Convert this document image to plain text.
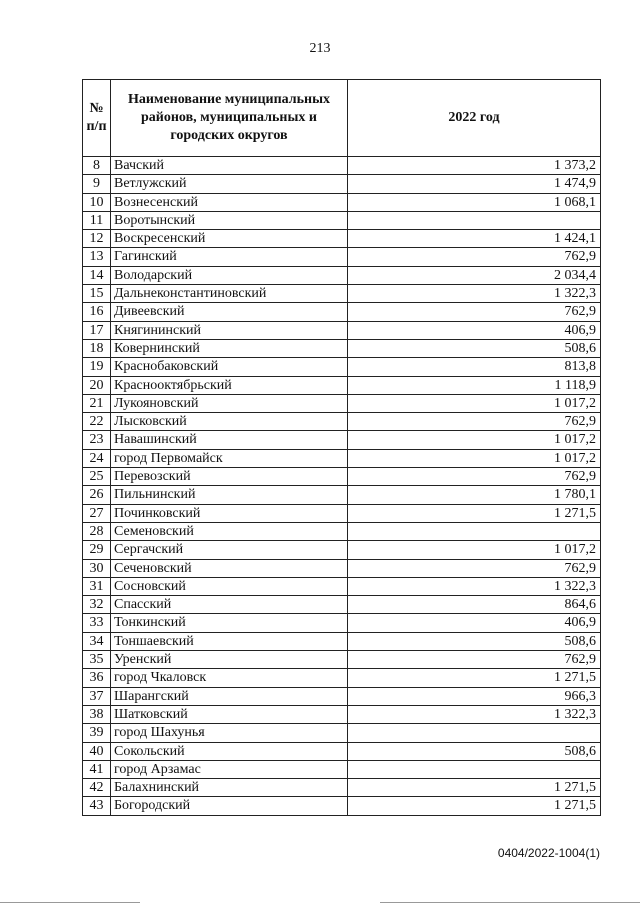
213
№ п/п	Наименование муниципальных районов, муниципальных и городских округов	2022 год
8	Вачский	1 373,2
9	Ветлужский	1 474,9
10	Вознесенский	1 068,1
11	Воротынский	
12	Воскресенский	1 424,1
13	Гагинский	762,9
14	Володарский	2 034,4
15	Дальнеконстантиновский	1 322,3
16	Дивеевский	762,9
17	Княгининский	406,9
18	Ковернинский	508,6
19	Краснобаковский	813,8
20	Краснооктябрьский	1 118,9
21	Лукояновский	1 017,2
22	Лысковский	762,9
23	Навашинский	1 017,2
24	город Первомайск	1 017,2
25	Перевозский	762,9
26	Пильнинский	1 780,1
27	Починковский	1 271,5
28	Семеновский	
29	Сергачский	1 017,2
30	Сеченовский	762,9
31	Сосновский	1 322,3
32	Спасский	864,6
33	Тонкинский	406,9
34	Тоншаевский	508,6
35	Уренский	762,9
36	город Чкаловск	1 271,5
37	Шарангский	966,3
38	Шатковский	1 322,3
39	город Шахунья	
40	Сокольский	508,6
41	город Арзамас	
42	Балахнинский	1 271,5
43	Богородский	1 271,5
0404/2022-1004(1)
